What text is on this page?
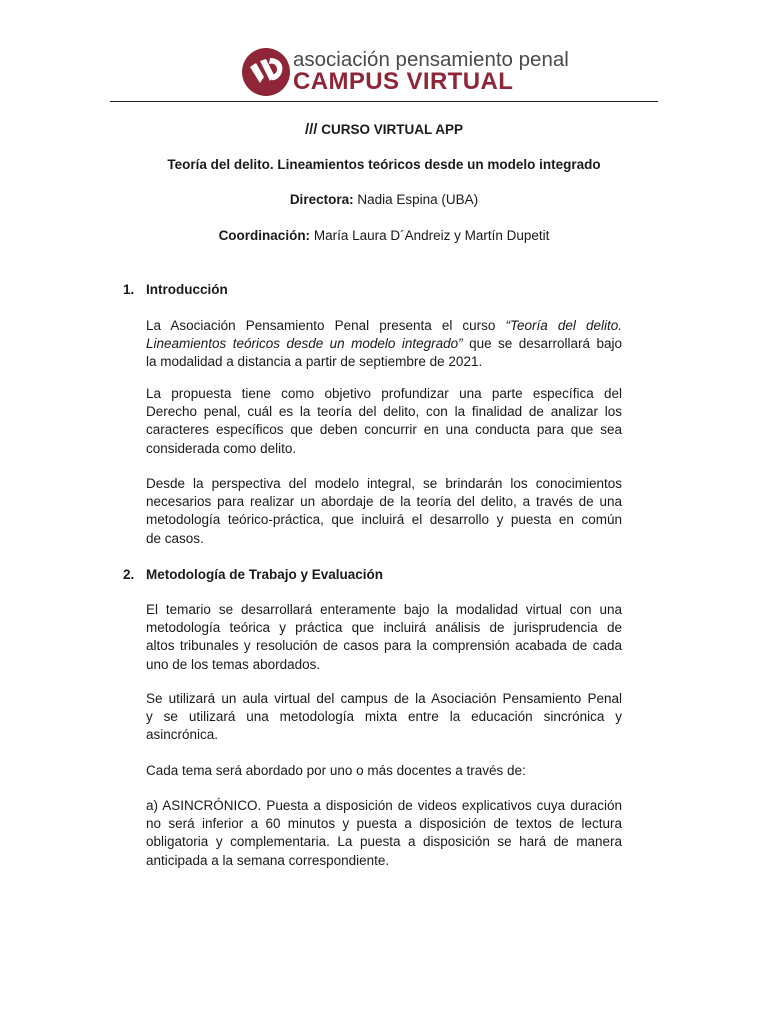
asociación pensamiento penal
CAMPUS VIRTUAL
/// CURSO VIRTUAL APP
Teoría del delito. Lineamientos teóricos desde un modelo integrado
Directora: Nadia Espina (UBA)
Coordinación: María Laura D´Andreiz y Martín Dupetit
1. Introducción
La Asociación Pensamiento Penal presenta el curso “Teoría del delito.
Lineamientos teóricos desde un modelo integrado” que se desarrollará bajo
la modalidad a distancia a partir de septiembre de 2021.
La propuesta tiene como objetivo profundizar una parte específica del
Derecho penal, cuál es la teoría del delito, con la finalidad de analizar los
caracteres específicos que deben concurrir en una conducta para que sea
considerada como delito.
Desde la perspectiva del modelo integral, se brindarán los conocimientos
necesarios para realizar un abordaje de la teoría del delito, a través de una
metodología teórico-práctica, que incluirá el desarrollo y puesta en común
de casos.
2. Metodología de Trabajo y Evaluación
El temario se desarrollará enteramente bajo la modalidad virtual con una
metodología teórica y práctica que incluirá análisis de jurisprudencia de
altos tribunales y resolución de casos para la comprensión acabada de cada
uno de los temas abordados.
Se utilizará un aula virtual del campus de la Asociación Pensamiento Penal
y se utilizará una metodología mixta entre la educación sincrónica y
asincrónica.
Cada tema será abordado por uno o más docentes a través de:
a) ASINCRÓNICO. Puesta a disposición de videos explicativos cuya duración
no será inferior a 60 minutos y puesta a disposición de textos de lectura
obligatoria y complementaria. La puesta a disposición se hará de manera
anticipada a la semana correspondiente.
